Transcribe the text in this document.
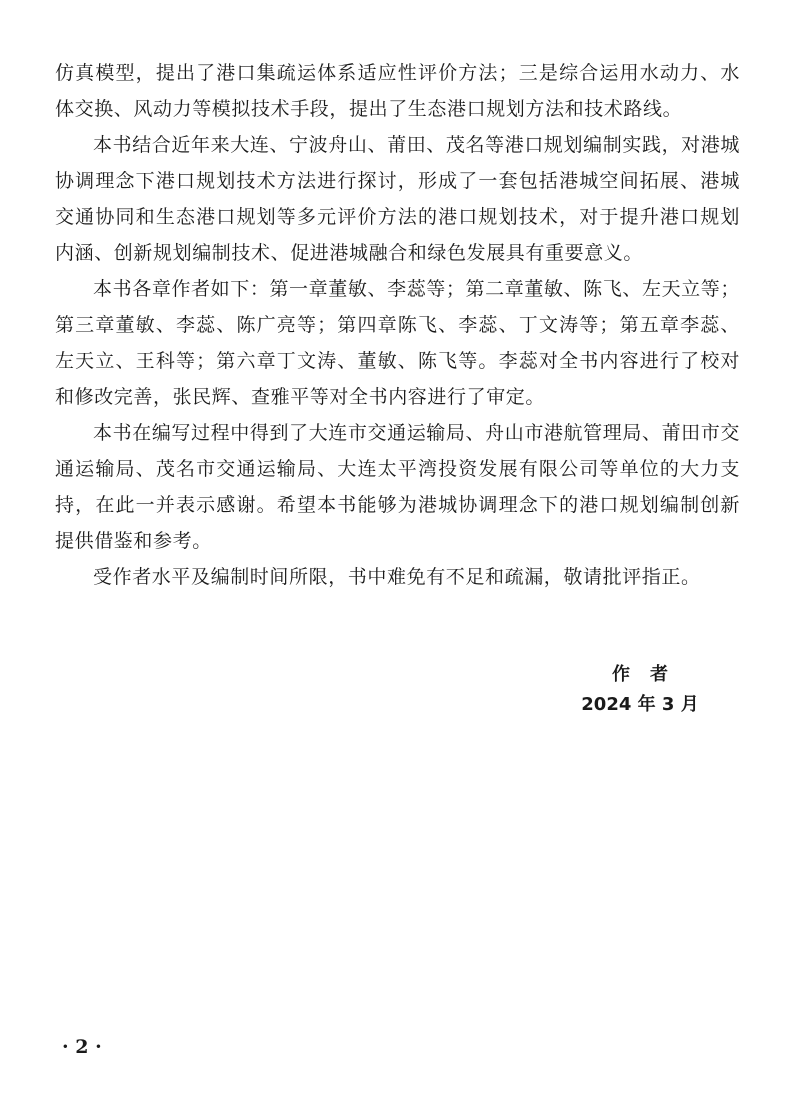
仿真模型，提出了港口集疏运体系适应性评价方法；三是综合运用水动力、水体交换、风动力等模拟技术手段，提出了生态港口规划方法和技术路线。

本书结合近年来大连、宁波舟山、莆田、茂名等港口规划编制实践，对港城协调理念下港口规划技术方法进行探讨，形成了一套包括港城空间拓展、港城交通协同和生态港口规划等多元评价方法的港口规划技术，对于提升港口规划内涵、创新规划编制技术、促进港城融合和绿色发展具有重要意义。

本书各章作者如下：第一章董敏、李蕊等；第二章董敏、陈飞、左天立等；第三章董敏、李蕊、陈广亮等；第四章陈飞、李蕊、丁文涛等；第五章李蕊、左天立、王科等；第六章丁文涛、董敏、陈飞等。李蕊对全书内容进行了校对和修改完善，张民辉、查雅平等对全书内容进行了审定。

本书在编写过程中得到了大连市交通运输局、舟山市港航管理局、莆田市交通运输局、茂名市交通运输局、大连太平湾投资发展有限公司等单位的大力支持，在此一并表示感谢。希望本书能够为港城协调理念下的港口规划编制创新提供借鉴和参考。

受作者水平及编制时间所限，书中难免有不足和疏漏，敬请批评指正。

作者
2024 年 3 月
· 2 ·
